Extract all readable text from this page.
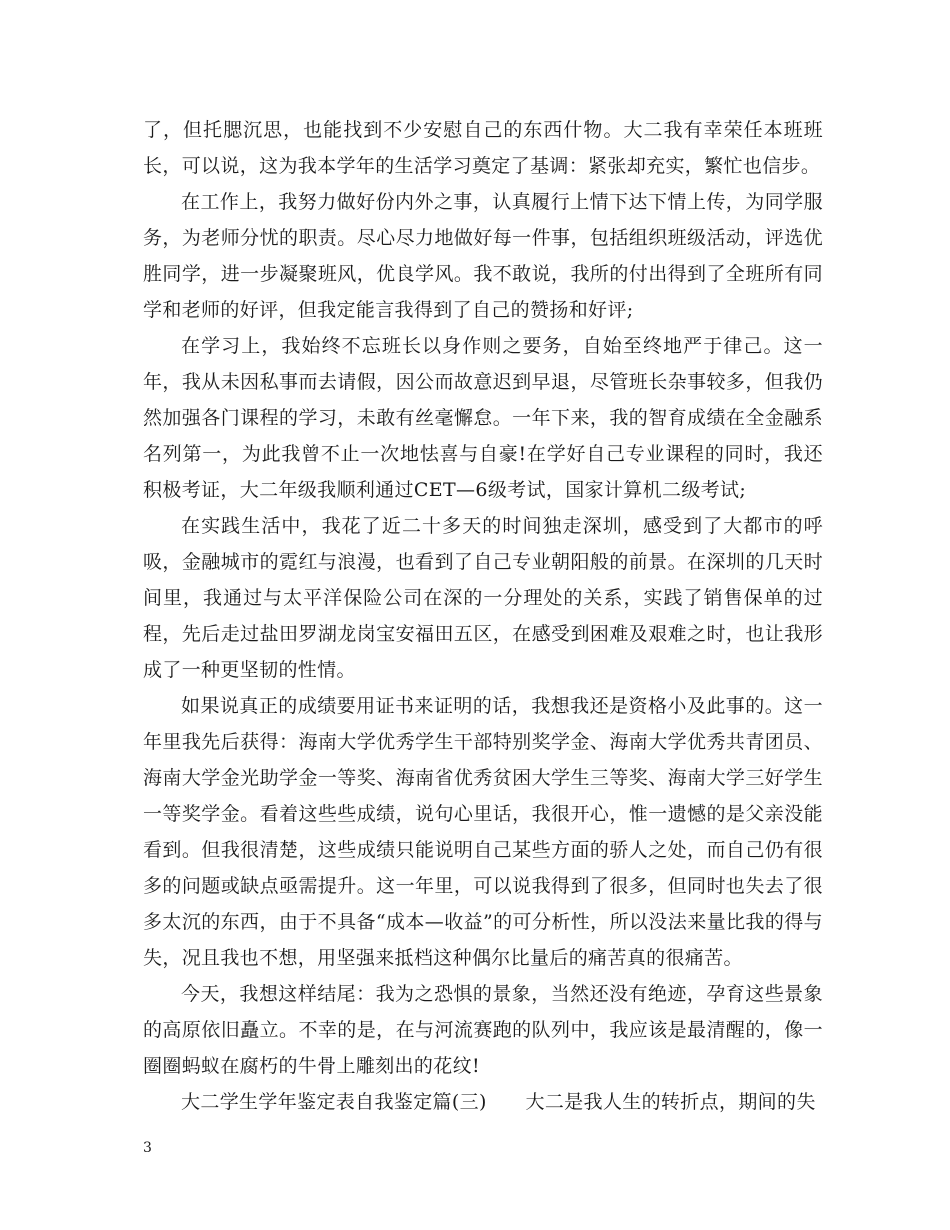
了，但托腮沉思，也能找到不少安慰自己的东西什物。大二我有幸荣任本班班长，可以说，这为我本学年的生活学习奠定了基调：紧张却充实，繁忙也信步。

在工作上，我努力做好份内外之事，认真履行上情下达下情上传，为同学服务，为老师分忧的职责。尽心尽力地做好每一件事，包括组织班级活动，评选优胜同学，进一步凝聚班风，优良学风。我不敢说，我所的付出得到了全班所有同学和老师的好评，但我定能言我得到了自己的赞扬和好评;

在学习上，我始终不忘班长以身作则之要务，自始至终地严于律己。这一年，我从未因私事而去请假，因公而故意迟到早退，尽管班长杂事较多，但我仍然加强各门课程的学习，未敢有丝毫懈怠。一年下来，我的智育成绩在全金融系名列第一，为此我曾不止一次地怯喜与自豪!在学好自己专业课程的同时，我还积极考证，大二年级我顺利通过CET—6级考试，国家计算机二级考试;

在实践生活中，我花了近二十多天的时间独走深圳，感受到了大都市的呼吸，金融城市的霓红与浪漫，也看到了自己专业朝阳般的前景。在深圳的几天时间里，我通过与太平洋保险公司在深的一分理处的关系，实践了销售保单的过程，先后走过盐田罗湖龙岗宝安福田五区，在感受到困难及艰难之时，也让我形成了一种更坚韧的性情。

如果说真正的成绩要用证书来证明的话，我想我还是资格小及此事的。这一年里我先后获得：海南大学优秀学生干部特别奖学金、海南大学优秀共青团员、海南大学金光助学金一等奖、海南省优秀贫困大学生三等奖、海南大学三好学生一等奖学金。看着这些些成绩，说句心里话，我很开心，惟一遗憾的是父亲没能看到。但我很清楚，这些成绩只能说明自己某些方面的骄人之处，而自己仍有很多的问题或缺点亟需提升。这一年里，可以说我得到了很多，但同时也失去了很多太沉的东西，由于不具备“成本—收益”的可分析性，所以没法来量比我的得与失，况且我也不想，用坚强来抵档这种偶尔比量后的痛苦真的很痛苦。

今天，我想这样结尾：我为之恐惧的景象，当然还没有绝迹，孕育这些景象的高原依旧矗立。不幸的是，在与河流赛跑的队列中，我应该是最清醒的，像一圈圈蚂蚁在腐朽的牛骨上雕刻出的花纹!

大二学生学年鉴定表自我鉴定篇(三)　　大二是我人生的转折点，期间的失

3
